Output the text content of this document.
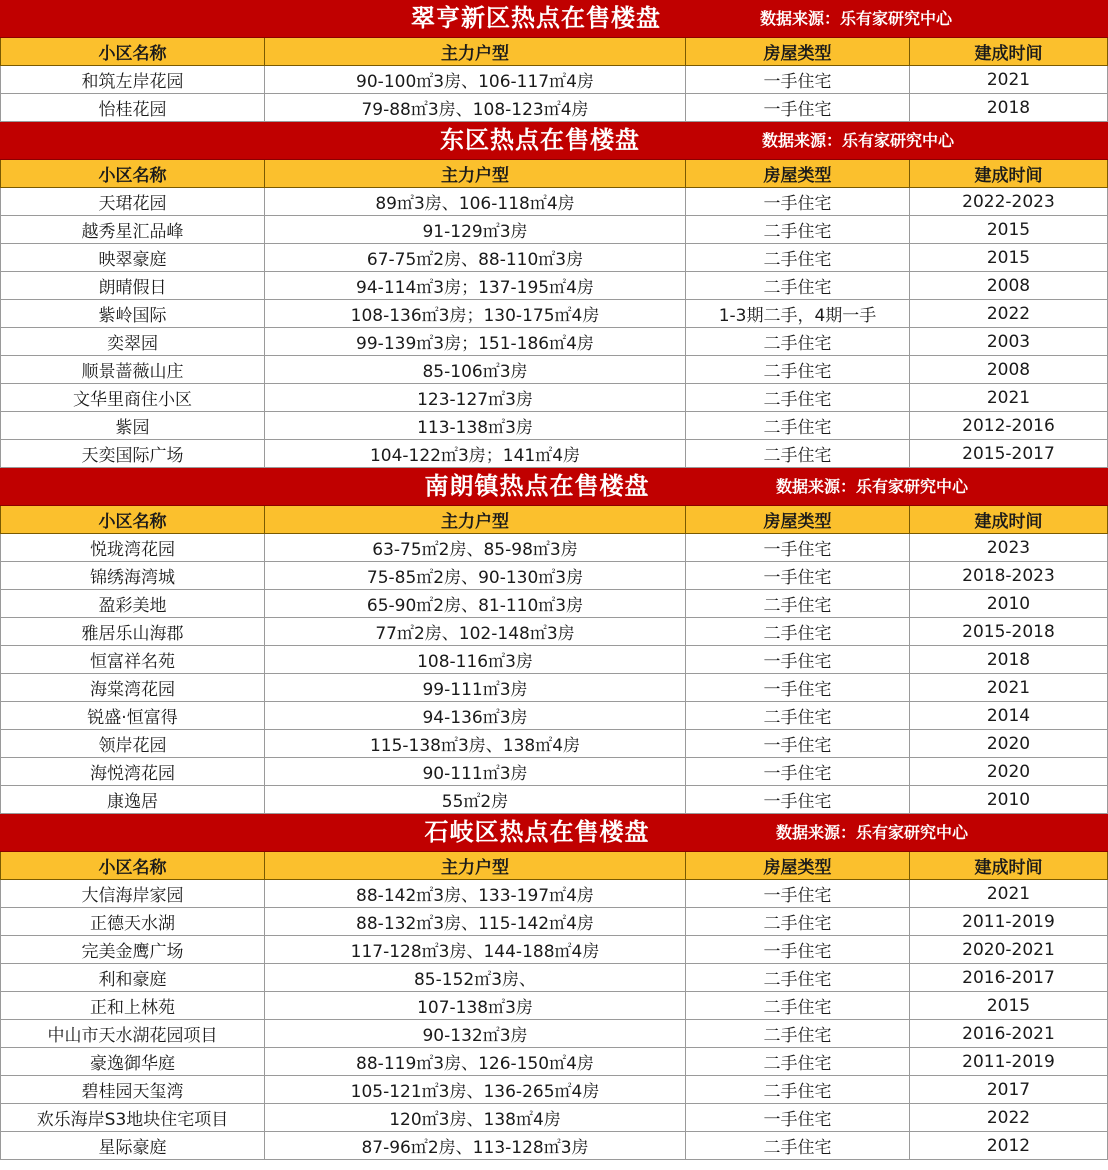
翠亨新区热点在售楼盘	数据来源：乐有家研究中心
小区名称	主力户型	房屋类型	建成时间
和筑左岸花园	90-100㎡3房、106-117㎡4房	一手住宅	2021
怡桂花园	79-88㎡3房、108-123㎡4房	一手住宅	2018
东区热点在售楼盘	数据来源：乐有家研究中心
小区名称	主力户型	房屋类型	建成时间
天珺花园	89㎡3房、106-118㎡4房	一手住宅	2022-2023
越秀星汇品峰	91-129㎡3房	二手住宅	2015
映翠豪庭	67-75㎡2房、88-110㎡3房	二手住宅	2015
朗晴假日	94-114㎡3房；137-195㎡4房	二手住宅	2008
紫岭国际	108-136㎡3房；130-175㎡4房	1-3期二手，4期一手	2022
奕翠园	99-139㎡3房；151-186㎡4房	二手住宅	2003
顺景蔷薇山庄	85-106㎡3房	二手住宅	2008
文华里商住小区	123-127㎡3房	二手住宅	2021
紫园	113-138㎡3房	二手住宅	2012-2016
天奕国际广场	104-122㎡3房；141㎡4房	二手住宅	2015-2017
南朗镇热点在售楼盘	数据来源：乐有家研究中心
小区名称	主力户型	房屋类型	建成时间
悦珑湾花园	63-75㎡2房、85-98㎡3房	一手住宅	2023
锦绣海湾城	75-85㎡2房、90-130㎡3房	一手住宅	2018-2023
盈彩美地	65-90㎡2房、81-110㎡3房	二手住宅	2010
雅居乐山海郡	77㎡2房、102-148㎡3房	二手住宅	2015-2018
恒富祥名苑	108-116㎡3房	一手住宅	2018
海棠湾花园	99-111㎡3房	一手住宅	2021
锐盛·恒富得	94-136㎡3房	二手住宅	2014
领岸花园	115-138㎡3房、138㎡4房	一手住宅	2020
海悦湾花园	90-111㎡3房	一手住宅	2020
康逸居	55㎡2房	一手住宅	2010
石岐区热点在售楼盘	数据来源：乐有家研究中心
小区名称	主力户型	房屋类型	建成时间
大信海岸家园	88-142㎡3房、133-197㎡4房	一手住宅	2021
正德天水湖	88-132㎡3房、115-142㎡4房	二手住宅	2011-2019
完美金鹰广场	117-128㎡3房、144-188㎡4房	一手住宅	2020-2021
利和豪庭	85-152㎡3房、	二手住宅	2016-2017
正和上林苑	107-138㎡3房	二手住宅	2015
中山市天水湖花园项目	90-132㎡3房	二手住宅	2016-2021
豪逸御华庭	88-119㎡3房、126-150㎡4房	二手住宅	2011-2019
碧桂园天玺湾	105-121㎡3房、136-265㎡4房	二手住宅	2017
欢乐海岸S3地块住宅项目	120㎡3房、138㎡4房	一手住宅	2022
星际豪庭	87-96㎡2房、113-128㎡3房	二手住宅	2012
